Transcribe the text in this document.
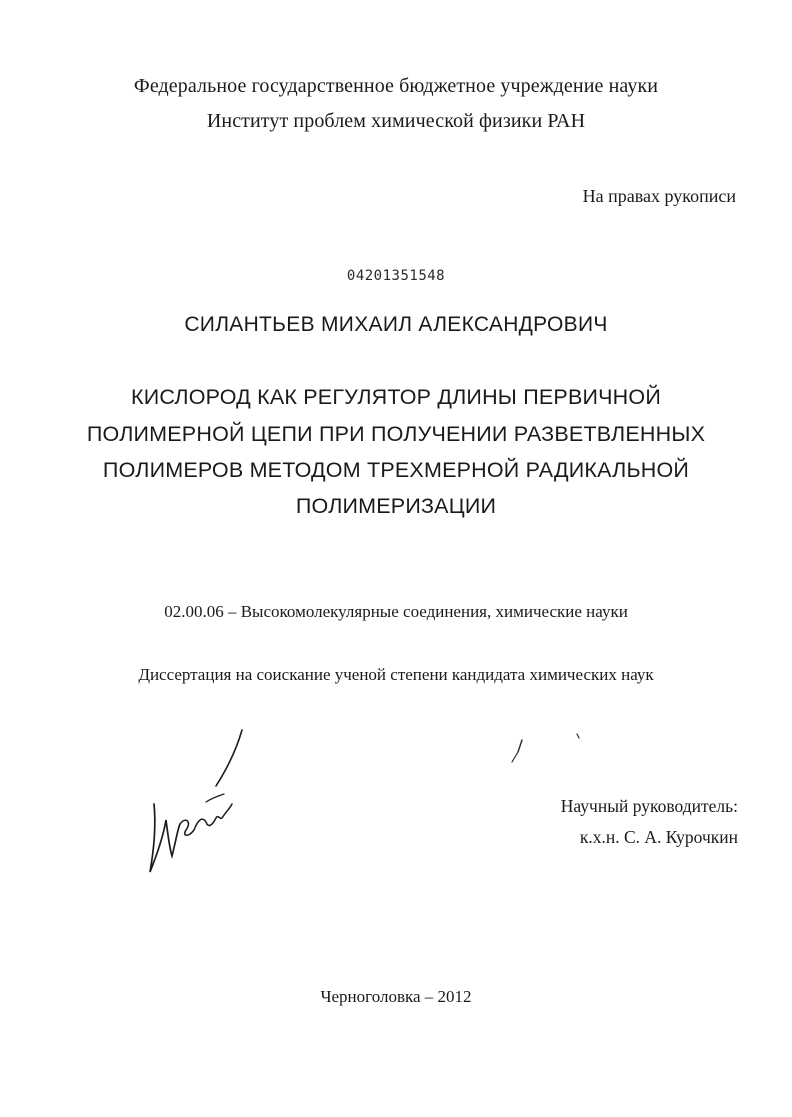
Федеральное государственное бюджетное учреждение науки
Институт проблем химической физики РАН
На правах рукописи
04201351548
СИЛАНТЬЕВ МИХАИЛ АЛЕКСАНДРОВИЧ
КИСЛОРОД КАК РЕГУЛЯТОР ДЛИНЫ ПЕРВИЧНОЙ
ПОЛИМЕРНОЙ ЦЕПИ ПРИ ПОЛУЧЕНИИ РАЗВЕТВЛЕННЫХ
ПОЛИМЕРОВ МЕТОДОМ ТРЕХМЕРНОЙ РАДИКАЛЬНОЙ
ПОЛИМЕРИЗАЦИИ
02.00.06 – Высокомолекулярные соединения, химические науки
Диссертация на соискание ученой степени кандидата химических наук
Научный руководитель:
к.х.н. С. А. Курочкин
Черноголовка – 2012
